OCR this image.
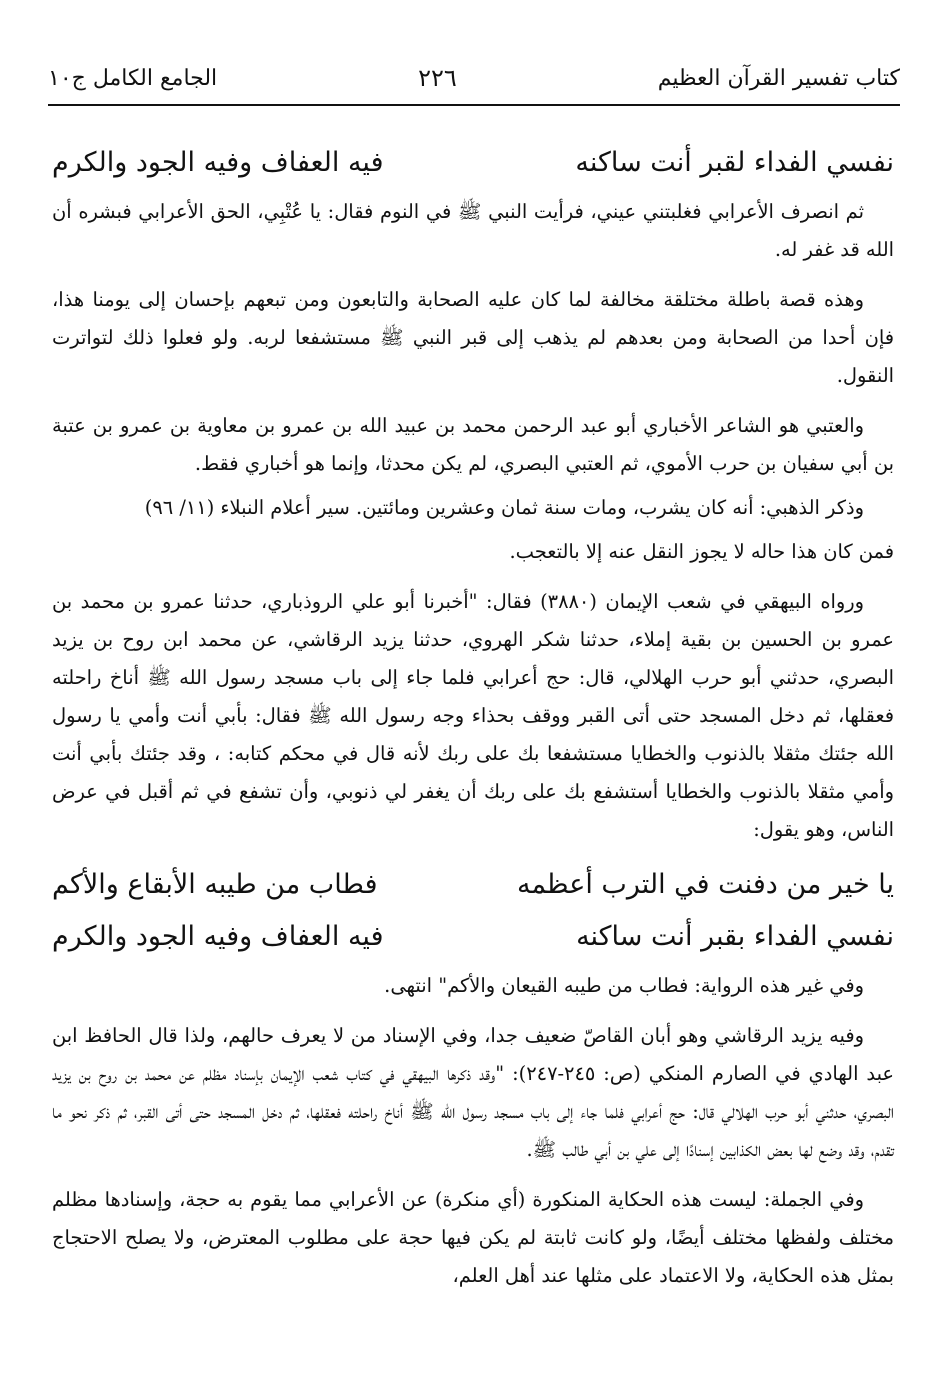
كتاب تفسير القرآن العظيم
٢٢٦
الجامع الكامل ج١٠
نفسي الفداء لقبر أنت ساكنه
فيه العفاف وفيه الجود والكرم

ثم انصرف الأعرابي فغلبتني عيني، فرأيت النبي ﷺ في النوم فقال: يا عُتْبِي، الحق الأعرابي فبشره أن الله قد غفر له.

وهذه قصة باطلة مختلقة مخالفة لما كان عليه الصحابة والتابعون ومن تبعهم بإحسان إلى يومنا هذا، فإن أحدا من الصحابة ومن بعدهم لم يذهب إلى قبر النبي ﷺ مستشفعا لربه. ولو فعلوا ذلك لتواترت النقول.

والعتبي هو الشاعر الأخباري أبو عبد الرحمن محمد بن عبيد الله بن عمرو بن معاوية بن عمرو بن عتبة بن أبي سفيان بن حرب الأموي، ثم العتبي البصري، لم يكن محدثا، وإنما هو أخباري فقط.

وذكر الذهبي: أنه كان يشرب، ومات سنة ثمان وعشرين ومائتين. سير أعلام النبلاء (١١/ ٩٦)

فمن كان هذا حاله لا يجوز النقل عنه إلا بالتعجب.

ورواه البيهقي في شعب الإيمان (٣٨٨٠) فقال: "أخبرنا أبو علي الروذباري، حدثنا عمرو بن محمد بن عمرو بن الحسين بن بقية إملاء، حدثنا شكر الهروي، حدثنا يزيد الرقاشي، عن محمد ابن روح بن يزيد البصري، حدثني أبو حرب الهلالي، قال: حج أعرابي فلما جاء إلى باب مسجد رسول الله ﷺ أناخ راحلته فعقلها، ثم دخل المسجد حتى أتى القبر ووقف بحذاء وجه رسول الله ﷺ فقال: بأبي أنت وأمي يا رسول الله جئتك مثقلا بالذنوب والخطايا مستشفعا بك على ربك لأنه قال في محكم كتابه: ، وقد جئتك بأبي أنت وأمي مثقلا بالذنوب والخطايا أستشفع بك على ربك أن يغفر لي ذنوبي، وأن تشفع في ثم أقبل في عرض الناس، وهو يقول:

يا خير من دفنت في الترب أعظمه
فطاب من طيبه الأبقاع والأكم
نفسي الفداء بقبر أنت ساكنه
فيه العفاف وفيه الجود والكرم

وفي غير هذه الرواية: فطاب من طيبه القيعان والأكم" انتهى.

وفيه يزيد الرقاشي وهو أبان القاصّ ضعيف جدا، وفي الإسناد من لا يعرف حالهم، ولذا قال الحافظ ابن عبد الهادي في الصارم المنكي (ص: ٢٤٥-٢٤٧): "وقد ذكرها البيهقي في كتاب شعب الإيمان بإسناد مظلم عن محمد بن روح بن يزيد البصري، حدثني أبو حرب الهلالي قال: حج أعرابي فلما جاء إلى باب مسجد رسول الله ﷺ أناخ راحلته فعقلها، ثم دخل المسجد حتى أتى القبر، ثم ذكر نحو ما تقدم، وقد وضع لها بعض الكذابين إسنادًا إلى علي بن أبي طالب ﷺ.

وفي الجملة: ليست هذه الحكاية المنكورة (أي منكرة) عن الأعرابي مما يقوم به حجة، وإسنادها مظلم مختلف ولفظها مختلف أيضًا، ولو كانت ثابتة لم يكن فيها حجة على مطلوب المعترض، ولا يصلح الاحتجاج بمثل هذه الحكاية، ولا الاعتماد على مثلها عند أهل العلم،
